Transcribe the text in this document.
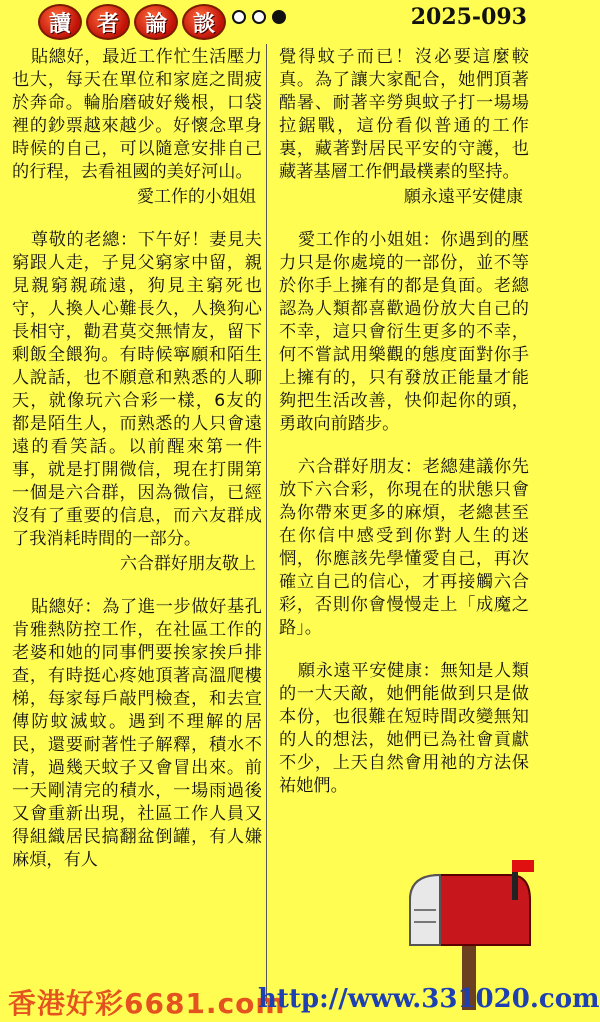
讀	者	論	談	2025-093

貼總好，最近工作忙生活壓力也大，每天在單位和家庭之間疲於奔命。輪胎磨破好幾根，口袋裡的鈔票越來越少。好懷念單身時候的自己，可以隨意安排自己的行程，去看祖國的美好河山。

愛工作的小姐姐

尊敬的老總：下午好！妻見夫窮跟人走，子見父窮家中留，親見親窮親疏遠，狗見主窮死也守，人換人心難長久，人換狗心長相守，勸君莫交無情友，留下剩飯全餵狗。有時候寧願和陌生人說話，也不願意和熟悉的人聊天，就像玩六合彩一樣，6友的都是陌生人，而熟悉的人只會遠遠的看笑話。以前醒來第一件事，就是打開微信，現在打開第一個是六合群，因為微信，已經沒有了重要的信息，而六友群成了我消耗時間的一部分。

六合群好朋友敬上

貼總好：為了進一步做好基孔肯雅熱防控工作，在社區工作的老婆和她的同事們要挨家挨戶排查，有時挺心疼她頂著高溫爬樓梯，每家每戶敲門檢查，和去宣傳防蚊滅蚊。遇到不理解的居民，還要耐著性子解釋，積水不清，過幾天蚊子又會冒出來。前一天剛清完的積水，一場雨過後又會重新出現，社區工作人員又得組織居民搞翻盆倒罐，有人嫌麻煩，有人

覺得蚊子而已！沒必要這麼較真。為了讓大家配合，她們頂著酷暑、耐著辛勞與蚊子打一場場拉鋸戰，這份看似普通的工作裏，藏著對居民平安的守護，也藏著基層工作們最樸素的堅持。

願永遠平安健康

愛工作的小姐姐：你遇到的壓力只是你處境的一部份，並不等於你手上擁有的都是負面。老總認為人類都喜歡過份放大自己的不幸，這只會衍生更多的不幸，何不嘗試用樂觀的態度面對你手上擁有的，只有發放正能量才能夠把生活改善，快仰起你的頭，勇敢向前踏步。

六合群好朋友：老總建議你先放下六合彩，你現在的狀態只會為你帶來更多的麻煩，老總甚至在你信中感受到你對人生的迷惘，你應該先學懂愛自己，再次確立自己的信心，才再接觸六合彩，否則你會慢慢走上「成魔之路」。

願永遠平安健康：無知是人類的一大天敵，她們能做到只是做本份，也很難在短時間改變無知的人的想法，她們已為社會貢獻不少，上天自然會用祂的方法保祐她們。

香港好彩6681.com
http://www.331020.com
